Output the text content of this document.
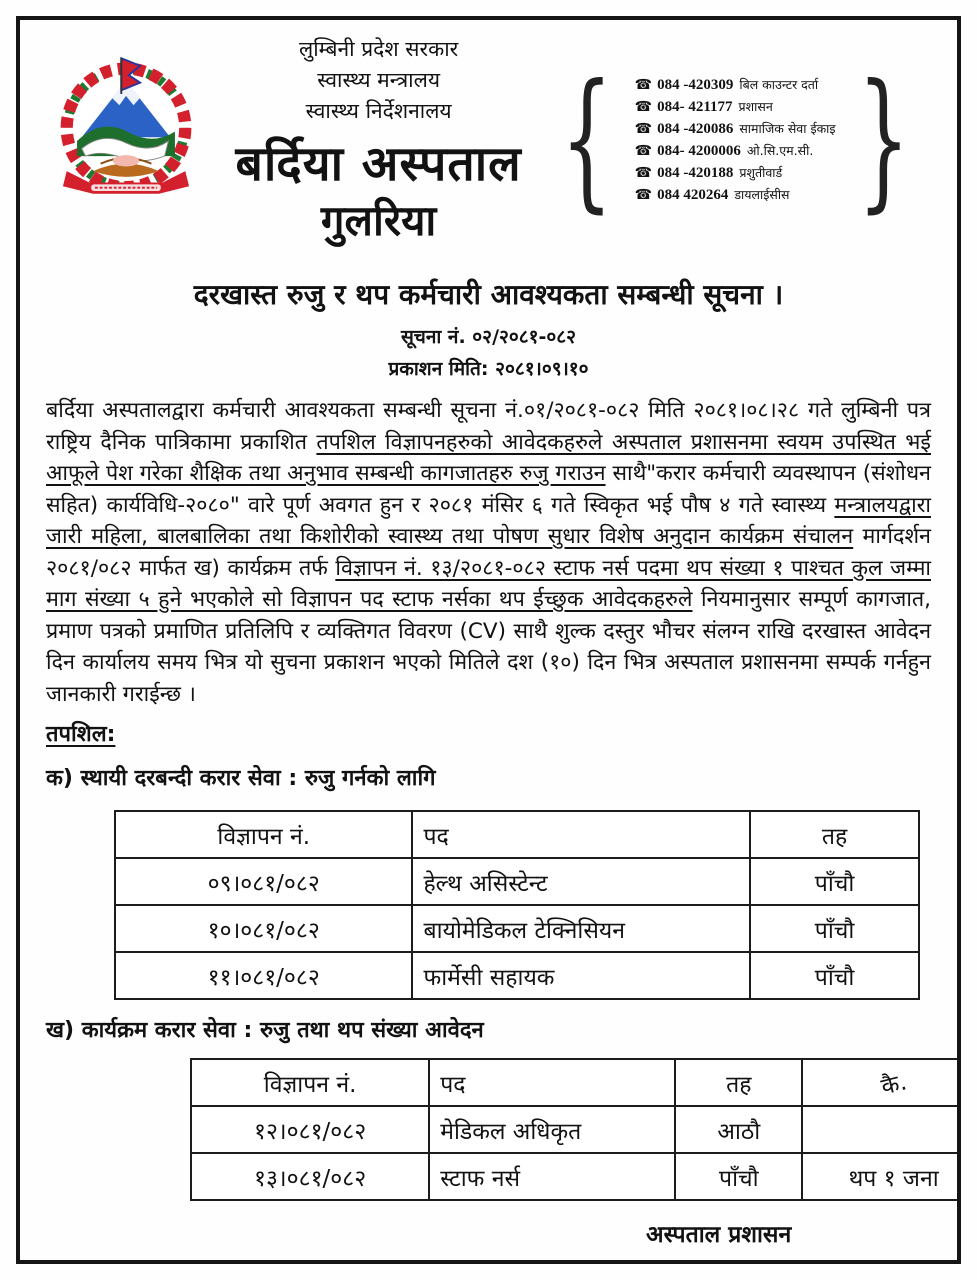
लुम्बिनी प्रदेश सरकार
स्वास्थ्य मन्त्रालय
स्वास्थ्य निर्देशनालय
बर्दिया अस्पताल
गुलरिया { ☎ 084 -420309 बिल काउन्टर दर्ता
☎ 084- 421177 प्रशासन
☎ 084 -420086 सामाजिक सेवा ईकाइ
☎ 084- 4200006 ओ.सि.एम.सी.
☎ 084 -420188 प्रशुतीवार्ड
☎ 084 420264 डायलाईसीस }
दरखास्त रुजु र थप कर्मचारी आवश्यकता सम्बन्धी सूचना ।
सूचना नं. ०२/२०८१-०८२
प्रकाशन मिति: २०८१।०९।१०
बर्दिया अस्पतालद्वारा कर्मचारी आवश्यकता सम्बन्धी सूचना नं.०१/२०८१-०८२ मिति २०८१।०८।२८ गते लुम्बिनी पत्र राष्ट्रिय दैनिक पात्रिकामा प्रकाशित तपशिल विज्ञापनहरुको आवेदकहरुले अस्पताल प्रशासनमा स्वयम उपस्थित भई आफूले पेश गरेका शैक्षिक तथा अनुभाव सम्बन्धी कागजातहरु रुजु गराउन साथै"करार कर्मचारी व्यवस्थापन (संशोधन सहित) कार्यविधि-२०८०" वारे पूर्ण अवगत हुन र २०८१ मंसिर ६ गते स्विकृत भई पौष ४ गते स्वास्थ्य मन्त्रालयद्वारा जारी महिला, बालबालिका तथा किशोरीको स्वास्थ्य तथा पोषण सुधार विशेष अनुदान कार्यक्रम संचालन मार्गदर्शन २०८१/०८२ मार्फत ख) कार्यक्रम तर्फ विज्ञापन नं. १३/२०८१-०८२ स्टाफ नर्स पदमा थप संख्या १ पाश्चत कुल जम्मा माग संख्या ५ हुने भएकोले सो विज्ञापन पद स्टाफ नर्सका थप ईच्छुक आवेदकहरुले नियमानुसार सम्पूर्ण कागजात, प्रमाण पत्रको प्रमाणित प्रतिलिपि र व्यक्तिगत विवरण (CV) साथै शुल्क दस्तुर भौचर संलग्न राखि दरखास्त आवेदन दिन कार्यालय समय भित्र यो सुचना प्रकाशन भएको मितिले दश (१०) दिन भित्र अस्पताल प्रशासनमा सम्पर्क गर्नहुन जानकारी गराईन्छ ।
तपशिल:
क) स्थायी दरबन्दी करार सेवा : रुजु गर्नको लागि
विज्ञापन नं.	पद	तह
०९।०८१/०८२	हेल्थ असिस्टेन्ट	पाँचौ
१०।०८१/०८२	बायोमेडिकल टेक्निसियन	पाँचौ
११।०८१/०८२	फार्मेसी सहायक	पाँचौ
ख) कार्यक्रम करार सेवा : रुजु तथा थप संख्या आवेदन
विज्ञापन नं.	पद	तह	कै.
१२।०८१/०८२	मेडिकल अधिकृत	आठौ	
१३।०८१/०८२	स्टाफ नर्स	पाँचौ	थप १ जना
अस्पताल प्रशासन
